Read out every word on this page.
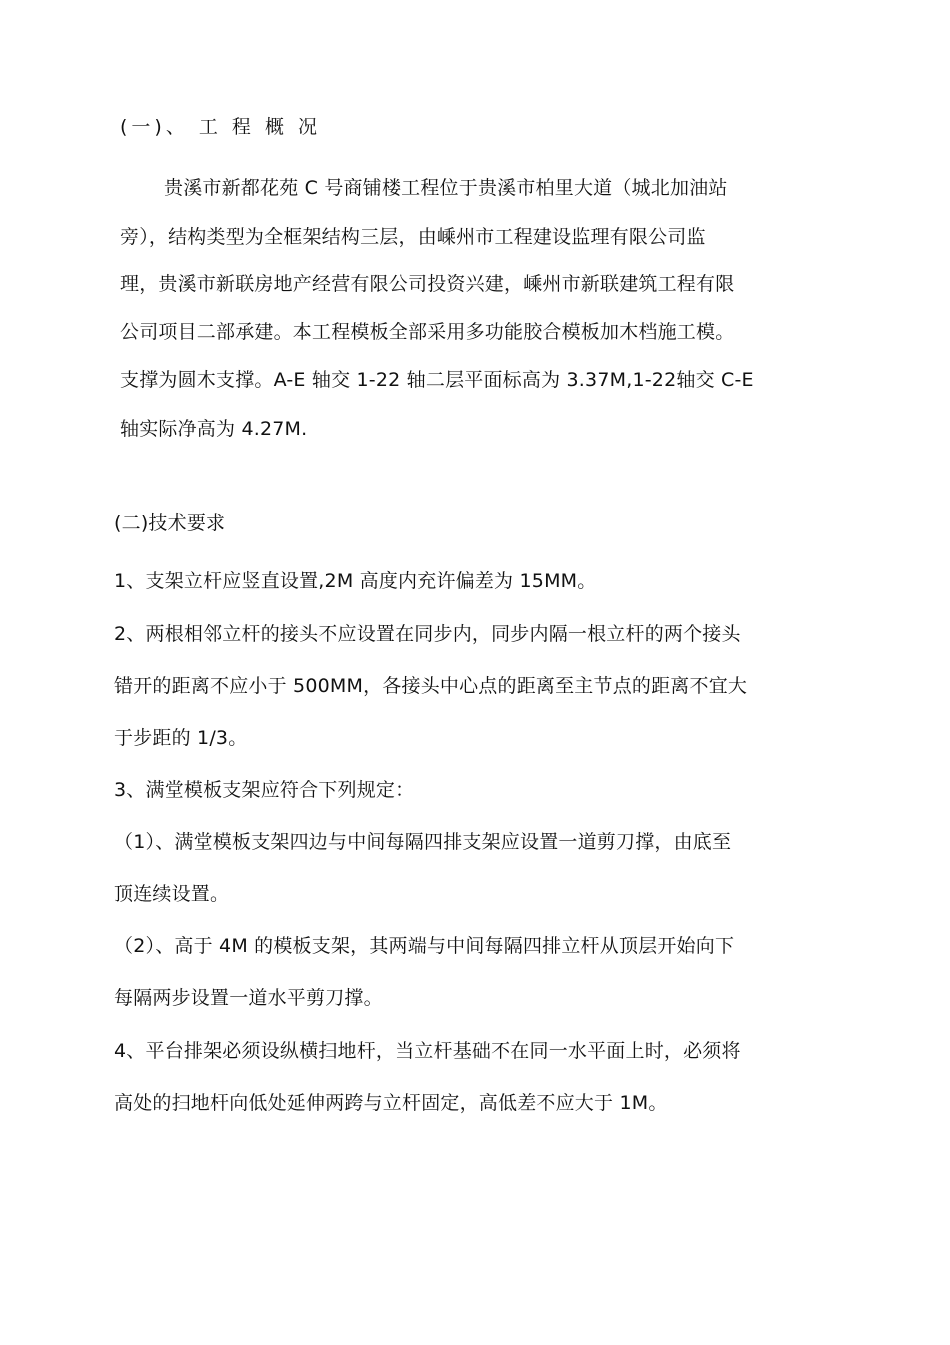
(一)、 工 程 概 况
贵溪市新都花苑 C 号商铺楼工程位于贵溪市柏里大道（城北加油站
旁），结构类型为全框架结构三层，由嵊州市工程建设监理有限公司监
理，贵溪市新联房地产经营有限公司投资兴建，嵊州市新联建筑工程有限
公司项目二部承建。本工程模板全部采用多功能胶合模板加木档施工模。
支撑为圆木支撑。A-E 轴交 1-22 轴二层平面标高为 3.37M,1-22轴交 C-E
轴实际净高为 4.27M.
(二)技术要求
1、支架立杆应竖直设置,2M 高度内充许偏差为 15MM。
2、两根相邻立杆的接头不应设置在同步内，同步内隔一根立杆的两个接头
错开的距离不应小于 500MM，各接头中心点的距离至主节点的距离不宜大
于步距的 1/3。
3、满堂模板支架应符合下列规定：
（1）、满堂模板支架四边与中间每隔四排支架应设置一道剪刀撑，由底至
顶连续设置。
（2）、高于 4M 的模板支架，其两端与中间每隔四排立杆从顶层开始向下
每隔两步设置一道水平剪刀撑。
4、平台排架必须设纵横扫地杆，当立杆基础不在同一水平面上时，必须将
高处的扫地杆向低处延伸两跨与立杆固定，高低差不应大于 1M。
